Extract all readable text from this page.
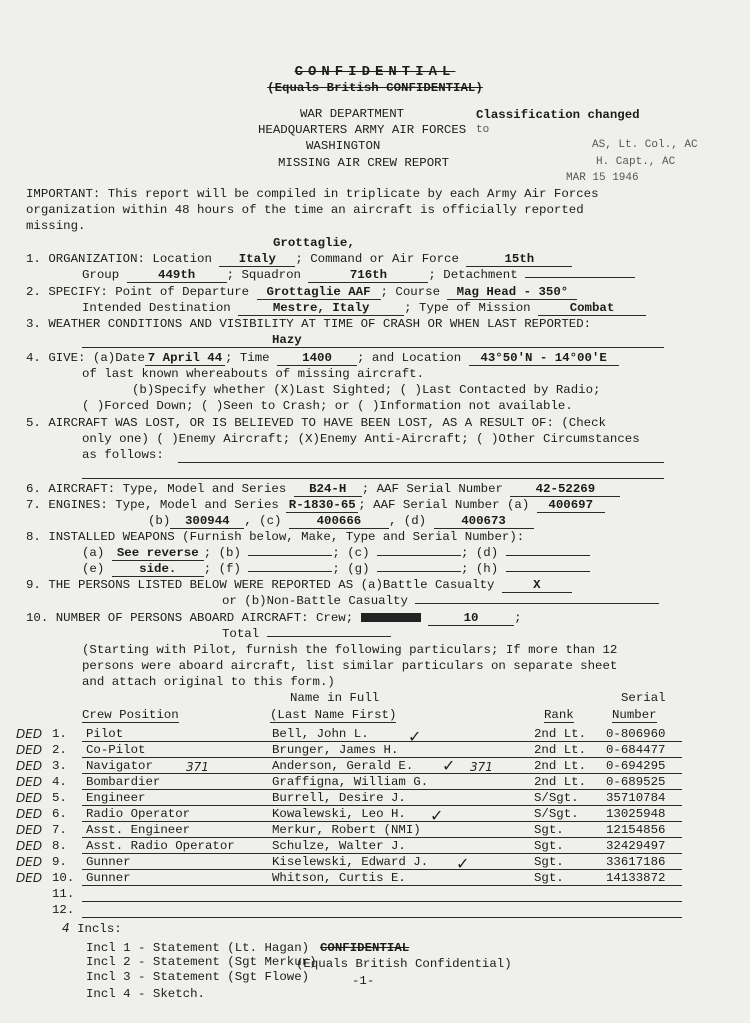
CONFIDENTIAL
(Equals British CONFIDENTIAL)
WAR DEPARTMENT
HEADQUARTERS ARMY AIR FORCES
WASHINGTON
MISSING AIR CREW REPORT
Classification changed
to
AS, Lt. Col., AC
H. Capt., AC
MAR 15 1946
IMPORTANT: This report will be compiled in triplicate by each Army Air Forces
organization within 48 hours of the time an aircraft is officially reported
missing.
Grottaglie,
1. ORGANIZATION: Location Italy ; Command or Air Force	15th
Group	449th	; Squadron	716th	; Detachment
2. SPECIFY: Point of Departure Grottaglie AAF ; Course Mag Head - 350°
Intended Destination	Mestre, Italy	; Type of Mission	Combat
3. WEATHER CONDITIONS AND VISIBILITY AT TIME OF CRASH OR WHEN LAST REPORTED:
Hazy
4. GIVE: (a)Date 7 April 44 ; Time	1400 ; and Location 43°50'N - 14°00'E
of last known whereabouts of missing aircraft.
(b)Specify whether (X)Last Sighted; ( )Last Contacted by Radio;
( )Forced Down; ( )Seen to Crash; or ( )Information not available.
5. AIRCRAFT WAS LOST, OR IS BELIEVED TO HAVE BEEN LOST, AS A RESULT OF: (Check
only one) ( )Enemy Aircraft; (X)Enemy Anti-Aircraft; ( )Other Circumstances
as follows:
6. AIRCRAFT: Type, Model and Series B24-H ; AAF Serial Number	42-52269
7. ENGINES: Type, Model and Series R-1830-65 ; AAF Serial Number (a) 400697
(b) 300944 , (c)	400666 , (d)	400673
8. INSTALLED WEAPONS (Furnish below, Make, Type and Serial Number):
(a) See reverse ; (b)	; (c)	; (d)
(e)	side. ; (f)	; (g)	; (h)
9. THE PERSONS LISTED BELOW WERE REPORTED AS (a)Battle Casualty	X
or (b)Non-Battle Casualty
10. NUMBER OF PERSONS ABOARD AIRCRAFT: Crew;	10	;
Total
(Starting with Pilot, furnish the following particulars; If more than 12
persons were aboard aircraft, list similar particulars on separate sheet
and attach original to this form.)
Name in Full	Serial
Crew Position	(Last Name First)	Rank	Number
371	371
✓
✓
✓
✓
4 Incls:
Incl 1 - Statement (Lt. Hagan) CONFIDENTIAL
Incl 2 - Statement (Sgt Merkur)
(Equals British Confidential)
Incl 3 - Statement (Sgt Flowe)	-1-
Incl 4 - Sketch.
DED 1. Pilot	Bell, John L.	2nd Lt. 0-806960
DED 2. Co-Pilot	Brunger, James H.	2nd Lt. 0-684477
DED 3. Navigator	Anderson, Gerald E.	2nd Lt. 0-694295
DED 4. Bombardier	Graffigna, William G.	2nd Lt. 0-689525
DED 5. Engineer	Burrell, Desire J.	S/Sgt. 35710784
DED 6. Radio Operator	Kowalewski, Leo H.	S/Sgt. 13025948
DED 7. Asst. Engineer	Merkur, Robert (NMI)	Sgt.	12154856
DED 8. Asst. Radio Operator	Schulze, Walter J.	Sgt.	32429497
DED 9. Gunner	Kiselewski, Edward J.	Sgt.	33617186
DED 10. Gunner	Whitson, Curtis E.	Sgt.	14133872
11.
12.
